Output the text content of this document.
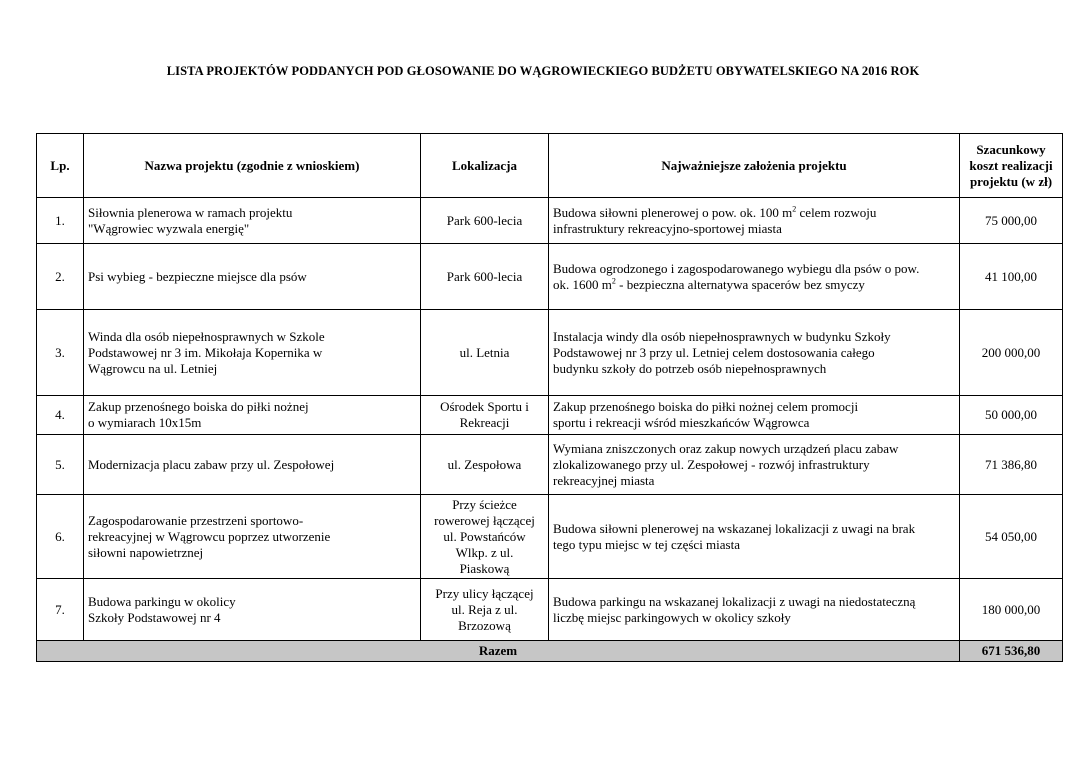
LISTA PROJEKTÓW PODDANYCH POD GŁOSOWANIE DO WĄGROWIECKIEGO BUDŻETU OBYWATELSKIEGO NA 2016 ROK
Lp.	Nazwa projektu (zgodnie z wnioskiem)	Lokalizacja	Najważniejsze założenia projektu	Szacunkowy koszt realizacji projektu (w zł)
1.	Siłownia plenerowa w ramach projektu
"Wągrowiec wyzwala energię"	Park 600-lecia	Budowa siłowni plenerowej o pow. ok. 100 $m^2$ celem rozwoju
infrastruktury rekreacyjno-sportowej miasta	75 000,00
2.	Psi wybieg - bezpieczne miejsce dla psów	Park 600-lecia	Budowa ogrodzonego i zagospodarowanego wybiegu dla psów o pow.
ok. 1600 $m^2$ - bezpieczna alternatywa spacerów bez smyczy	41 100,00
3.	Winda dla osób niepełnosprawnych w Szkole
Podstawowej nr 3 im. Mikołaja Kopernika w
Wągrowcu na ul. Letniej	ul. Letnia	Instalacja windy dla osób niepełnosprawnych w budynku Szkoły
Podstawowej nr 3 przy ul. Letniej celem dostosowania całego
budynku szkoły do potrzeb osób niepełnosprawnych	200 000,00
4.	Zakup przenośnego boiska do piłki nożnej
o wymiarach 10x15m	Ośrodek Sportu i
Rekreacji	Zakup przenośnego boiska do piłki nożnej celem promocji
sportu i rekreacji wśród mieszkańców Wągrowca	50 000,00
5.	Modernizacja placu zabaw przy ul. Zespołowej	ul. Zespołowa	Wymiana zniszczonych oraz zakup nowych urządzeń placu zabaw
zlokalizowanego przy ul. Zespołowej - rozwój infrastruktury
rekreacyjnej miasta	71 386,80
6.	Zagospodarowanie przestrzeni sportowo-
rekreacyjnej w Wągrowcu poprzez utworzenie
siłowni napowietrznej	Przy ścieżce
rowerowej łączącej
ul. Powstańców
Wlkp. z ul.
Piaskową	Budowa siłowni plenerowej na wskazanej lokalizacji z uwagi na brak
tego typu miejsc w tej części miasta	54 050,00
7.	Budowa parkingu w okolicy
Szkoły Podstawowej nr 4	Przy ulicy łączącej
ul. Reja z ul.
Brzozową	Budowa parkingu na wskazanej lokalizacji z uwagi na niedostateczną
liczbę miejsc parkingowych w okolicy szkoły	180 000,00
Razem				671 536,80
